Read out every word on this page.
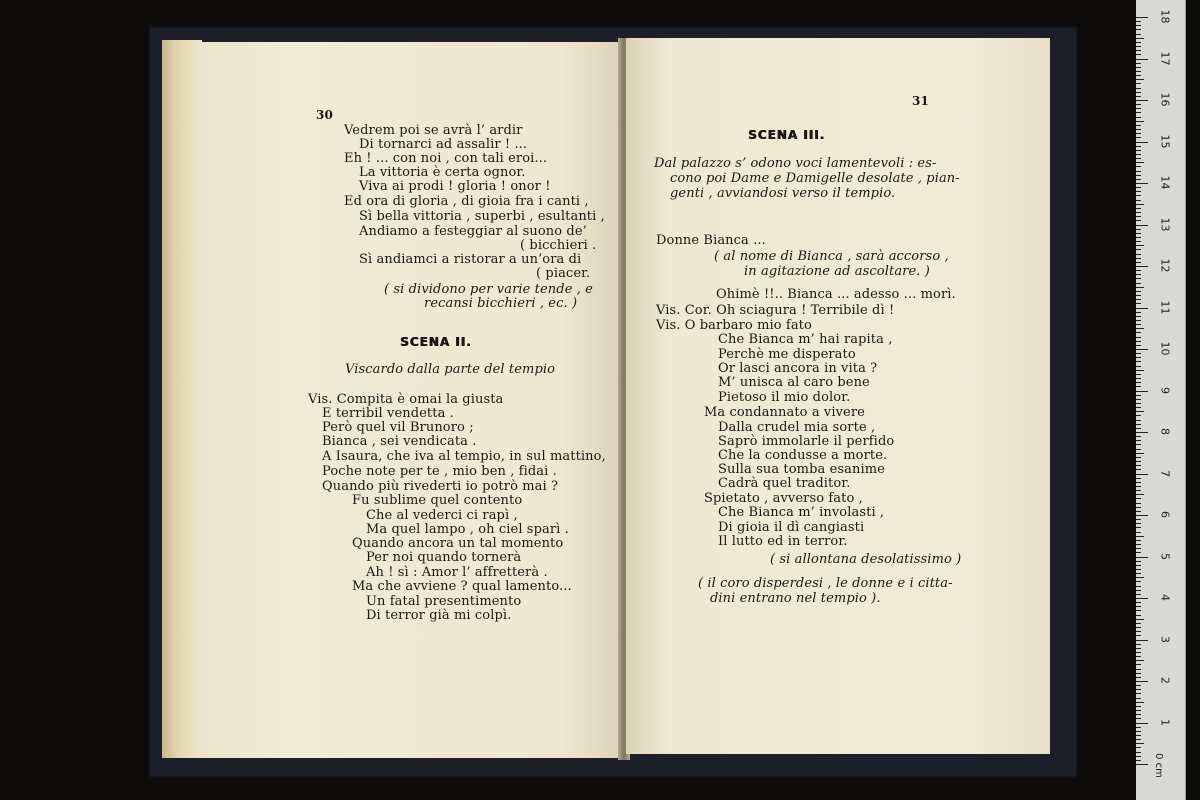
30
Vedrem poi se avrà l’ ardir
Di tornarci ad assalir ! ...
Eh ! ... con noi , con tali eroi...
La vittoria è certa ognor.
Viva ai prodi ! gloria ! onor !
Ed ora di gloria , di gioia fra i canti ,
Sì bella vittoria , superbi , esultanti ,
Andiamo a festeggiar al suono de’
( bicchieri .
Sì andiamci a ristorar a un’ora di
( piacer.
( si dividono per varie tende , e
recansi bicchieri , ec. )
SCENA II.
Viscardo dalla parte del tempio
Vis. Compita è omai la giusta
E terribil vendetta .
Però quel vil Brunoro ;
Bianca , sei vendicata .
A Isaura, che iva al tempio, in sul mattino,
Poche note per te , mio ben , fidai .
Quando più rivederti io potrò mai ?
Fu sublime quel contento
Che al vederci ci rapì ,
Ma quel lampo , oh ciel sparì .
Quando ancora un tal momento
Per noi quando tornerà
Ah ! sì : Amor l’ affretterà .
Ma che avviene ? qual lamento...
Un fatal presentimento
Di terror già mi colpì.
31
SCENA III.
Dal palazzo s’ odono voci lamentevoli : es-
cono poi Dame e Damigelle desolate , pian-
genti , avviandosi verso il tempio.
Donne Bianca ...
( al nome di Bianca , sarà accorso ,
in agitazione ad ascoltare. )
Ohimè !!.. Bianca ... adesso ... morì.
Vis. Cor. Oh sciagura ! Terribile dì !
Vis. O barbaro mio fato
Che Bianca m’ hai rapita ,
Perchè me disperato
Or lasci ancora in vita ?
M’ unisca al caro bene
Pietoso il mio dolor.
Ma condannato a vivere
Dalla crudel mia sorte ,
Saprò immolarle il perfido
Che la condusse a morte.
Sulla sua tomba esanime
Cadrà quel traditor.
Spietato , avverso fato ,
Che Bianca m’ involasti ,
Di gioia il dì cangiasti
Il lutto ed in terror.
( si allontana desolatissimo )
( il coro disperdesi , le donne e i citta-
dini entrano nel tempio ).
1
2
3
4
5
6
7
8
9
10
11
12
13
14
15
16
17
18
0 cm
